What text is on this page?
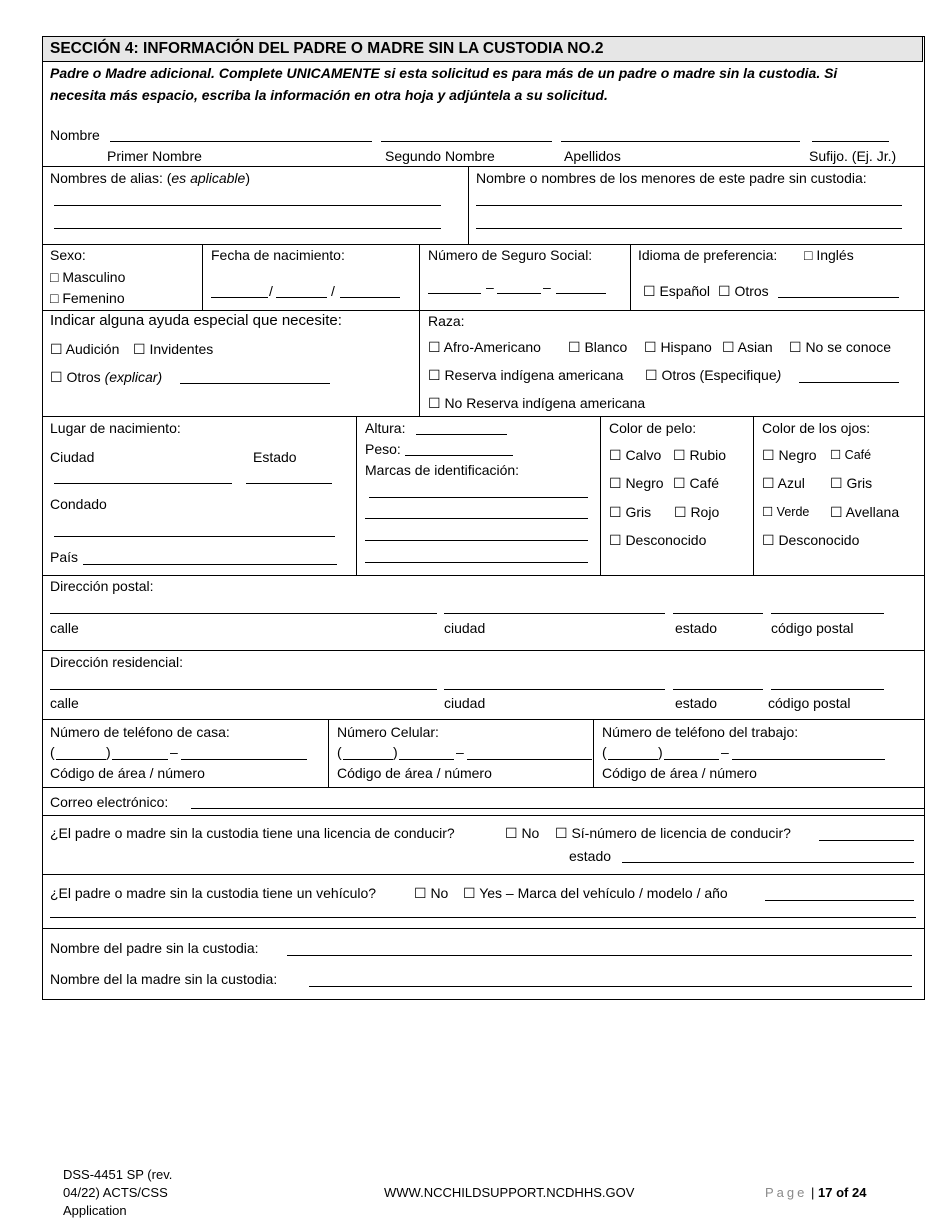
SECCIÓN 4: INFORMACIÓN DEL PADRE O MADRE SIN LA CUSTODIA NO.2
Padre o Madre adicional. Complete UNICAMENTE si esta solicitud es para más de un padre o madre sin la custodia. Si
necesita más espacio, escriba la información en otra hoja y adjúntela a su solicitud.
Nombre
Primer Nombre	Segundo Nombre	Apellidos	Sufijo. (Ej. Jr.)
Nombres de alias: (es aplicable)	Nombre o nombres de los menores de este padre sin custodia:
Sexo:
□ Masculino
□ Femenino
Fecha de nacimiento:
/	/
Número de Seguro Social:
–	–
Idioma de preferencia: □ Inglés
☐ Español ☐ Otros
Indicar alguna ayuda especial que necesite:
☐ Audición ☐ Invidentes
☐ Otros (explicar)
Raza:
☐ Afro-Americano ☐ Blanco ☐ Hispano ☐ Asian ☐ No se conoce
☐ Reserva indígena americana ☐ Otros (Especifique)
☐ No Reserva indígena americana
Lugar de nacimiento:
Ciudad	Estado
Condado
País
Altura:
Peso:
Marcas de identificación:
Color de pelo:
☐ Calvo ☐ Rubio
☐ Negro ☐ Café
☐ Gris ☐ Rojo
☐ Desconocido
Color de los ojos:
☐ Negro ☐ Café
☐ Azul ☐ Gris
☐ Verde ☐ Avellana
☐ Desconocido
Dirección postal:
calle	ciudad	estado	código postal
Dirección residencial:
calle	ciudad	estado	código postal
Número de teléfono de casa:
(	)	–
Código de área / número
Número Celular:
(	)	–
Código de área / número
Número de teléfono del trabajo:
(	)	–
Código de área / número
Correo electrónico:
¿El padre o madre sin la custodia tiene una licencia de conducir?	☐ No ☐ Sí-número de licencia de conducir?
estado
¿El padre o madre sin la custodia tiene un vehículo?	☐ No ☐ Yes – Marca del vehículo / modelo / año
Nombre del padre sin la custodia:
Nombre del la madre sin la custodia:
DSS-4451 SP (rev.
04/22) ACTS/CSS
Application
WWW.NCCHILDSUPPORT.NCDHHS.GOV	Page | 17 of 24
